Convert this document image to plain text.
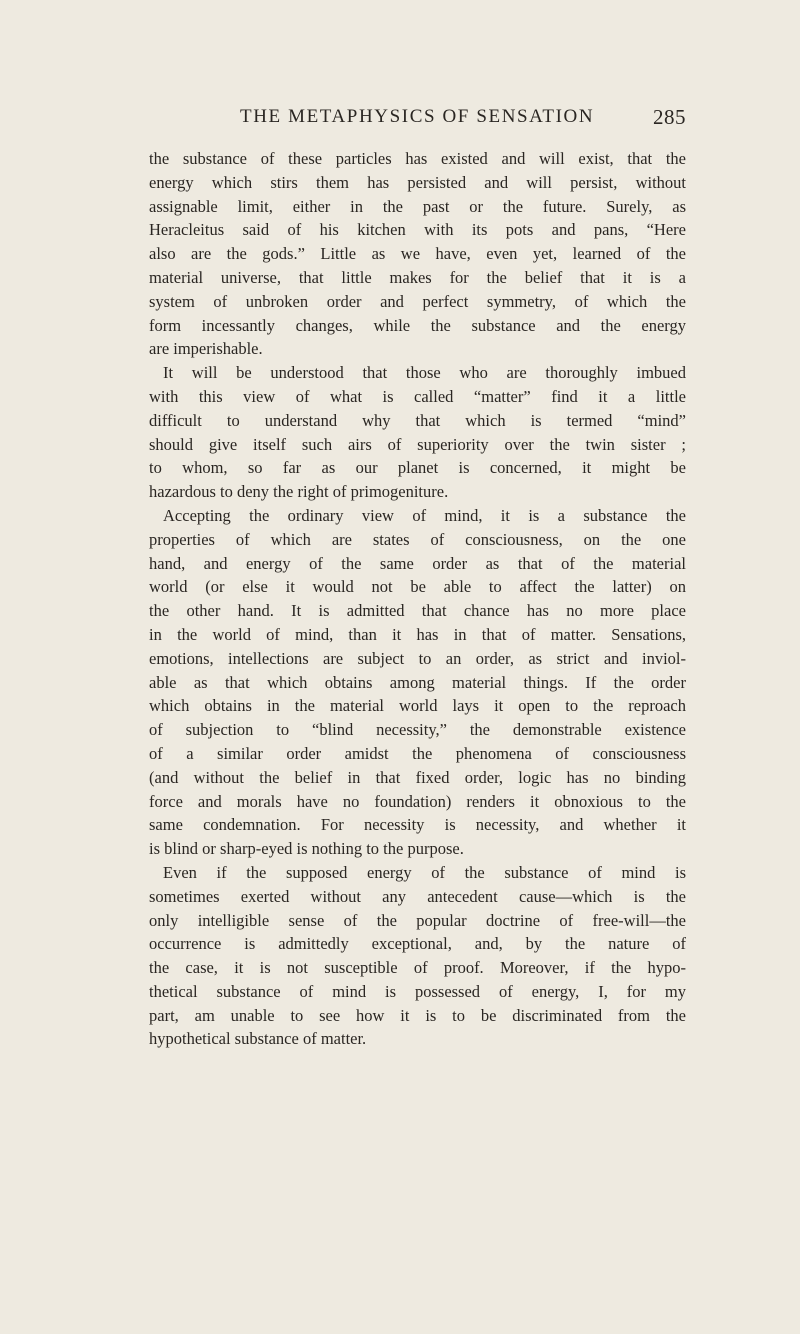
THE METAPHYSICS OF SENSATION	285
the substance of these particles has existed and will exist, that the
energy which stirs them has persisted and will persist, without
assignable limit, either in the past or the future. Surely, as
Heracleitus said of his kitchen with its pots and pans, “Here
also are the gods.” Little as we have, even yet, learned of the
material universe, that little makes for the belief that it is a
system of unbroken order and perfect symmetry, of which the
form incessantly changes, while the substance and the energy
are imperishable.
It will be understood that those who are thoroughly imbued
with this view of what is called “matter” find it a little
difficult to understand why that which is termed “mind”
should give itself such airs of superiority over the twin sister ;
to whom, so far as our planet is concerned, it might be
hazardous to deny the right of primogeniture.
Accepting the ordinary view of mind, it is a substance the
properties of which are states of consciousness, on the one
hand, and energy of the same order as that of the material
world (or else it would not be able to affect the latter) on
the other hand. It is admitted that chance has no more place
in the world of mind, than it has in that of matter. Sensations,
emotions, intellections are subject to an order, as strict and inviol-
able as that which obtains among material things. If the order
which obtains in the material world lays it open to the reproach
of subjection to “blind necessity,” the demonstrable existence
of a similar order amidst the phenomena of consciousness
(and without the belief in that fixed order, logic has no binding
force and morals have no foundation) renders it obnoxious to the
same condemnation. For necessity is necessity, and whether it
is blind or sharp-eyed is nothing to the purpose.
Even if the supposed energy of the substance of mind is
sometimes exerted without any antecedent cause—which is the
only intelligible sense of the popular doctrine of free-will—the
occurrence is admittedly exceptional, and, by the nature of
the case, it is not susceptible of proof. Moreover, if the hypo-
thetical substance of mind is possessed of energy, I, for my
part, am unable to see how it is to be discriminated from the
hypothetical substance of matter.
